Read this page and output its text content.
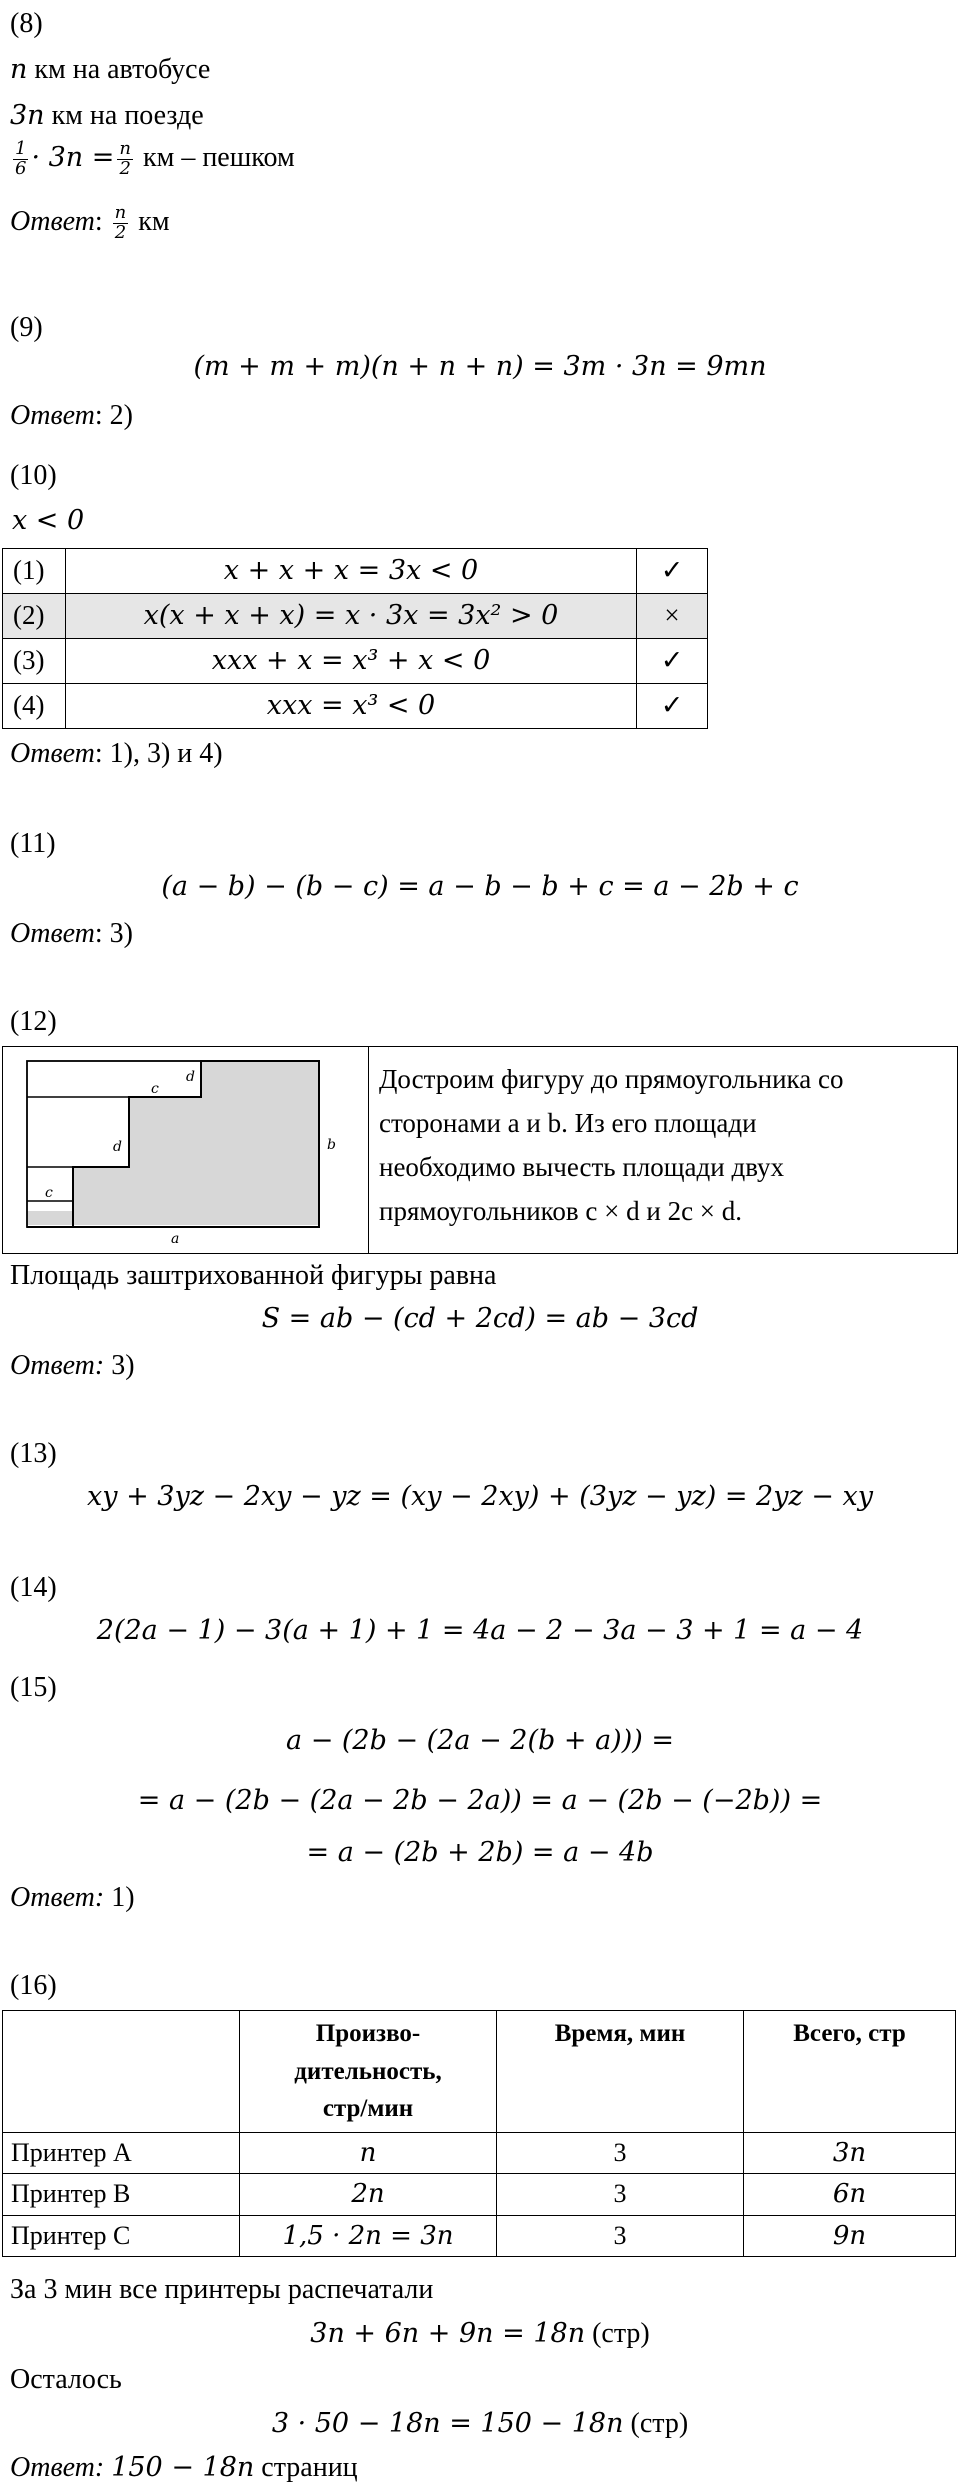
(8)
n км на автобусе
3n км на поезде
$\frac{1}{6} \cdot 3n = \frac{n}{2}$ км – пешком
Ответ: $\frac{n}{2}$ км
(9)
(m + m + m)(n + n + n) = 3m · 3n = 9mn
Ответ: 2)
(10)
x < 0
(1)	x + x + x = 3x < 0	✓
(2)	x(x + x + x) = x · 3x = 3x² > 0	×
(3)	xxx + x = x³ + x < 0	✓
(4)	xxx = x³ < 0	✓
Ответ: 1), 3) и 4)
(11)
(a − b) − (b − c) = a − b − b + c = a − 2b + c
Ответ: 3)
(12)
a
b
c
d
c
d
Достроим фигуру до прямоугольника со
сторонами a и b. Из его площади
необходимо вычесть площади двух
прямоугольников c × d и 2c × d.
Площадь заштрихованной фигуры равна
S = ab − (cd + 2cd) = ab − 3cd
Ответ: 3)
(13)
xy + 3yz − 2xy − yz = (xy − 2xy) + (3yz − yz) = 2yz − xy
(14)
2(2a − 1) − 3(a + 1) + 1 = 4a − 2 − 3a − 3 + 1 = a − 4
(15)
a − (2b − (2a − 2(b + a))) =
= a − (2b − (2a − 2b − 2a)) = a − (2b − (−2b)) =
= a − (2b + 2b) = a − 4b
Ответ: 1)
(16)

	Произво-
дительность,
стр/мин	Время, мин	Всего, стр
Принтер A	n	3	3n
Принтер B	2n	3	6n
Принтер C	1,5 · 2n = 3n	3	9n
За 3 мин все принтеры распечатали
3n + 6n + 9n = 18n (стр)
Осталось
3 · 50 − 18n = 150 − 18n (стр)
Ответ: 150 − 18n страниц
